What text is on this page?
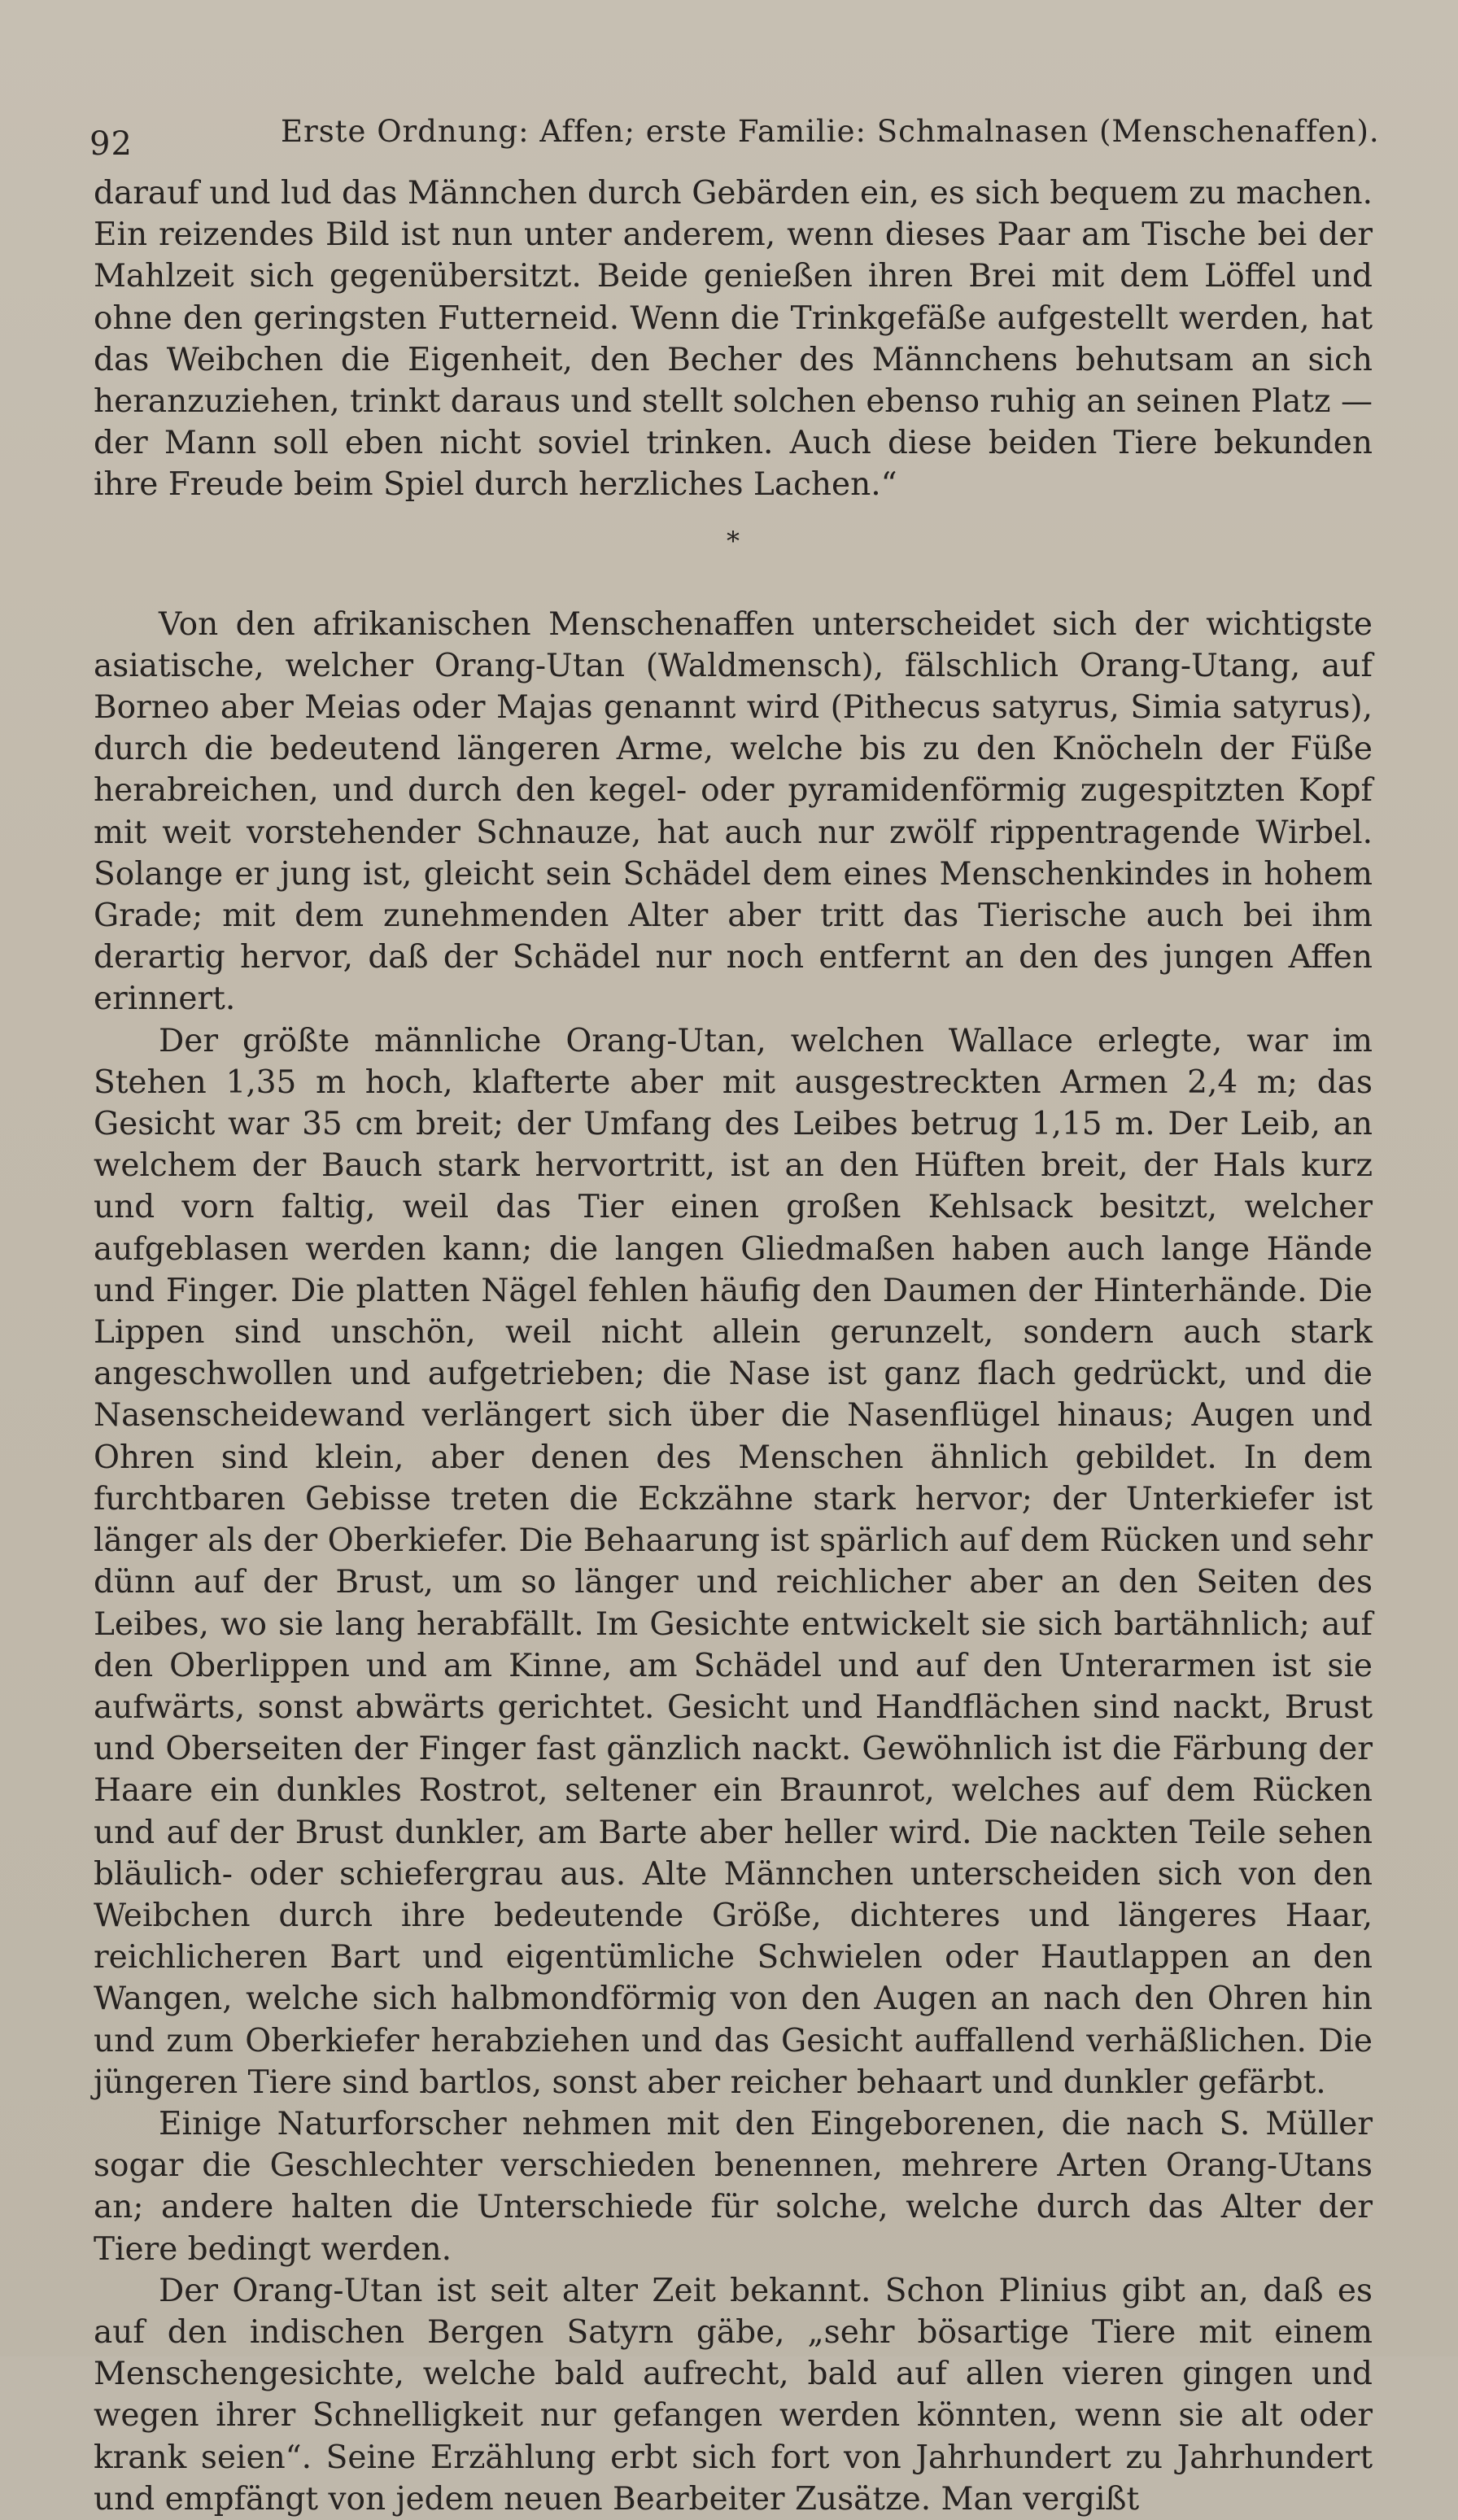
92	Erste Ordnung: Affen; erste Familie: Schmalnasen (Menschenaffen).

darauf und lud das Männchen durch Gebärden ein, es sich bequem zu machen. Ein reizendes Bild ist nun unter anderem, wenn dieses Paar am Tische bei der Mahlzeit sich gegenübersitzt. Beide genießen ihren Brei mit dem Löffel und ohne den geringsten Futterneid. Wenn die Trinkgefäße aufgestellt werden, hat das Weibchen die Eigenheit, den Becher des Männchens behutsam an sich heranzuziehen, trinkt daraus und stellt solchen ebenso ruhig an seinen Platz — der Mann soll eben nicht soviel trinken. Auch diese beiden Tiere bekunden ihre Freude beim Spiel durch herzliches Lachen.“

*

Von den afrikanischen Menschenaffen unterscheidet sich der wichtigste asiatische, welcher Orang-Utan (Waldmensch), fälschlich Orang-Utang, auf Borneo aber Meias oder Majas genannt wird (Pithecus satyrus, Simia satyrus), durch die bedeutend längeren Arme, welche bis zu den Knöcheln der Füße herabreichen, und durch den kegel- oder pyramidenförmig zugespitzten Kopf mit weit vorstehender Schnauze, hat auch nur zwölf rippentragende Wirbel. Solange er jung ist, gleicht sein Schädel dem eines Menschenkindes in hohem Grade; mit dem zunehmenden Alter aber tritt das Tierische auch bei ihm derartig hervor, daß der Schädel nur noch entfernt an den des jungen Affen erinnert.

Der größte männliche Orang-Utan, welchen Wallace erlegte, war im Stehen 1,35 m hoch, klafterte aber mit ausgestreckten Armen 2,4 m; das Gesicht war 35 cm breit; der Umfang des Leibes betrug 1,15 m. Der Leib, an welchem der Bauch stark hervortritt, ist an den Hüften breit, der Hals kurz und vorn faltig, weil das Tier einen großen Kehlsack besitzt, welcher aufgeblasen werden kann; die langen Gliedmaßen haben auch lange Hände und Finger. Die platten Nägel fehlen häufig den Daumen der Hinterhände. Die Lippen sind unschön, weil nicht allein gerunzelt, sondern auch stark angeschwollen und aufgetrieben; die Nase ist ganz flach gedrückt, und die Nasenscheidewand verlängert sich über die Nasenflügel hinaus; Augen und Ohren sind klein, aber denen des Menschen ähnlich gebildet. In dem furchtbaren Gebisse treten die Eckzähne stark hervor; der Unterkiefer ist länger als der Oberkiefer. Die Behaarung ist spärlich auf dem Rücken und sehr dünn auf der Brust, um so länger und reichlicher aber an den Seiten des Leibes, wo sie lang herabfällt. Im Gesichte entwickelt sie sich bartähnlich; auf den Oberlippen und am Kinne, am Schädel und auf den Unterarmen ist sie aufwärts, sonst abwärts gerichtet. Gesicht und Handflächen sind nackt, Brust und Oberseiten der Finger fast gänzlich nackt. Gewöhnlich ist die Färbung der Haare ein dunkles Rostrot, seltener ein Braunrot, welches auf dem Rücken und auf der Brust dunkler, am Barte aber heller wird. Die nackten Teile sehen bläulich- oder schiefergrau aus. Alte Männchen unterscheiden sich von den Weibchen durch ihre bedeutende Größe, dichteres und längeres Haar, reichlicheren Bart und eigentümliche Schwielen oder Hautlappen an den Wangen, welche sich halbmondförmig von den Augen an nach den Ohren hin und zum Oberkiefer herabziehen und das Gesicht auffallend verhäßlichen. Die jüngeren Tiere sind bartlos, sonst aber reicher behaart und dunkler gefärbt.

Einige Naturforscher nehmen mit den Eingeborenen, die nach S. Müller sogar die Geschlechter verschieden benennen, mehrere Arten Orang-Utans an; andere halten die Unterschiede für solche, welche durch das Alter der Tiere bedingt werden.

Der Orang-Utan ist seit alter Zeit bekannt. Schon Plinius gibt an, daß es auf den indischen Bergen Satyrn gäbe, „sehr bösartige Tiere mit einem Menschengesichte, welche bald aufrecht, bald auf allen vieren gingen und wegen ihrer Schnelligkeit nur gefangen werden könnten, wenn sie alt oder krank seien“. Seine Erzählung erbt sich fort von Jahrhundert zu Jahrhundert und empfängt von jedem neuen Bearbeiter Zusätze. Man vergißt
